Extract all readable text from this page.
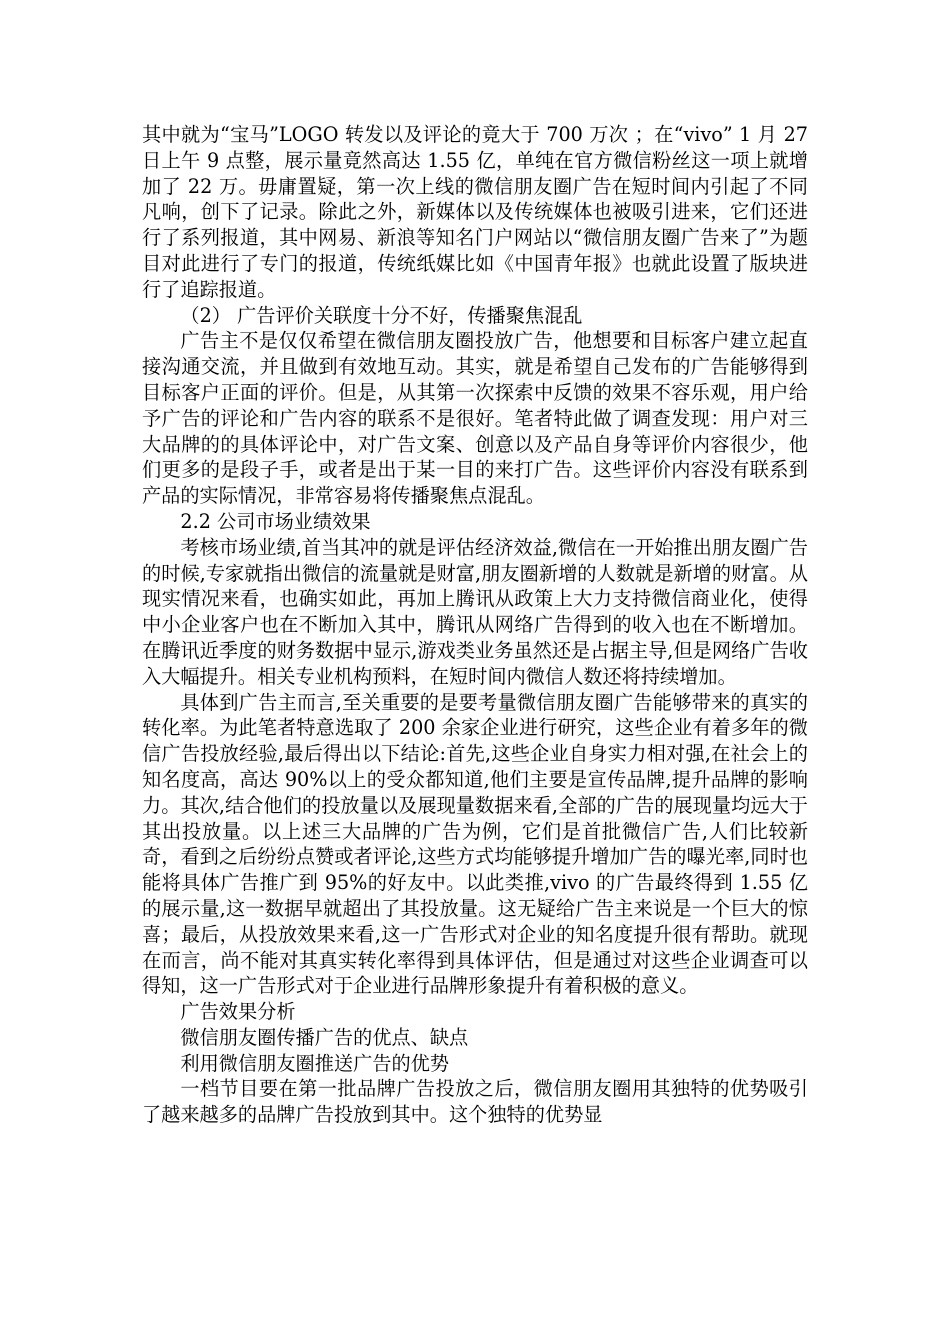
其中就为“宝马”LOGO 转发以及评论的竟大于 700 万次 ；在“vivo” 1 月 27 日上午 9 点整，展示量竟然高达 1.55 亿，单纯在官方微信粉丝这一项上就增加了 22 万。毋庸置疑，第一次上线的微信朋友圈广告在短时间内引起了不同凡响，创下了记录。除此之外，新媒体以及传统媒体也被吸引进来，它们还进行了系列报道，其中网易、新浪等知名门户网站以“微信朋友圈广告来了”为题目对此进行了专门的报道，传统纸媒比如《中国青年报》也就此设置了版块进行了追踪报道。

（2） 广告评价关联度十分不好，传播聚焦混乱

广告主不是仅仅希望在微信朋友圈投放广告，他想要和目标客户建立起直接沟通交流，并且做到有效地互动。其实，就是希望自己发布的广告能够得到目标客户正面的评价。但是，从其第一次探索中反馈的效果不容乐观，用户给予广告的评论和广告内容的联系不是很好。笔者特此做了调查发现：用户对三大品牌的的具体评论中，对广告文案、创意以及产品自身等评价内容很少，他们更多的是段子手，或者是出于某一目的来打广告。这些评价内容没有联系到产品的实际情况，非常容易将传播聚焦点混乱。

2.2 公司市场业绩效果

考核市场业绩,首当其冲的就是评估经济效益,微信在一开始推出朋友圈广告的时候,专家就指出微信的流量就是财富,朋友圈新增的人数就是新增的财富。从现实情况来看，也确实如此，再加上腾讯从政策上大力支持微信商业化，使得中小企业客户也在不断加入其中，腾讯从网络广告得到的收入也在不断增加。在腾讯近季度的财务数据中显示,游戏类业务虽然还是占据主导,但是网络广告收入大幅提升。相关专业机构预料，在短时间内微信人数还将持续增加。

具体到广告主而言,至关重要的是要考量微信朋友圈广告能够带来的真实的转化率。为此笔者特意选取了 200 余家企业进行研究，这些企业有着多年的微信广告投放经验,最后得出以下结论:首先,这些企业自身实力相对强,在社会上的知名度高，高达 90%以上的受众都知道,他们主要是宣传品牌,提升品牌的影响力。其次,结合他们的投放量以及展现量数据来看,全部的广告的展现量均远大于其出投放量。以上述三大品牌的广告为例，它们是首批微信广告,人们比较新奇，看到之后纷纷点赞或者评论,这些方式均能够提升增加广告的曝光率,同时也能将具体广告推广到 95%的好友中。以此类推,vivo 的广告最终得到 1.55 亿的展示量,这一数据早就超出了其投放量。这无疑给广告主来说是一个巨大的惊喜；最后，从投放效果来看,这一广告形式对企业的知名度提升很有帮助。就现在而言，尚不能对其真实转化率得到具体评估，但是通过对这些企业调查可以得知，这一广告形式对于企业进行品牌形象提升有着积极的意义。

广告效果分析

微信朋友圈传播广告的优点、缺点

利用微信朋友圈推送广告的优势

一档节目要在第一批品牌广告投放之后，微信朋友圈用其独特的优势吸引了越来越多的品牌广告投放到其中。这个独特的优势显
